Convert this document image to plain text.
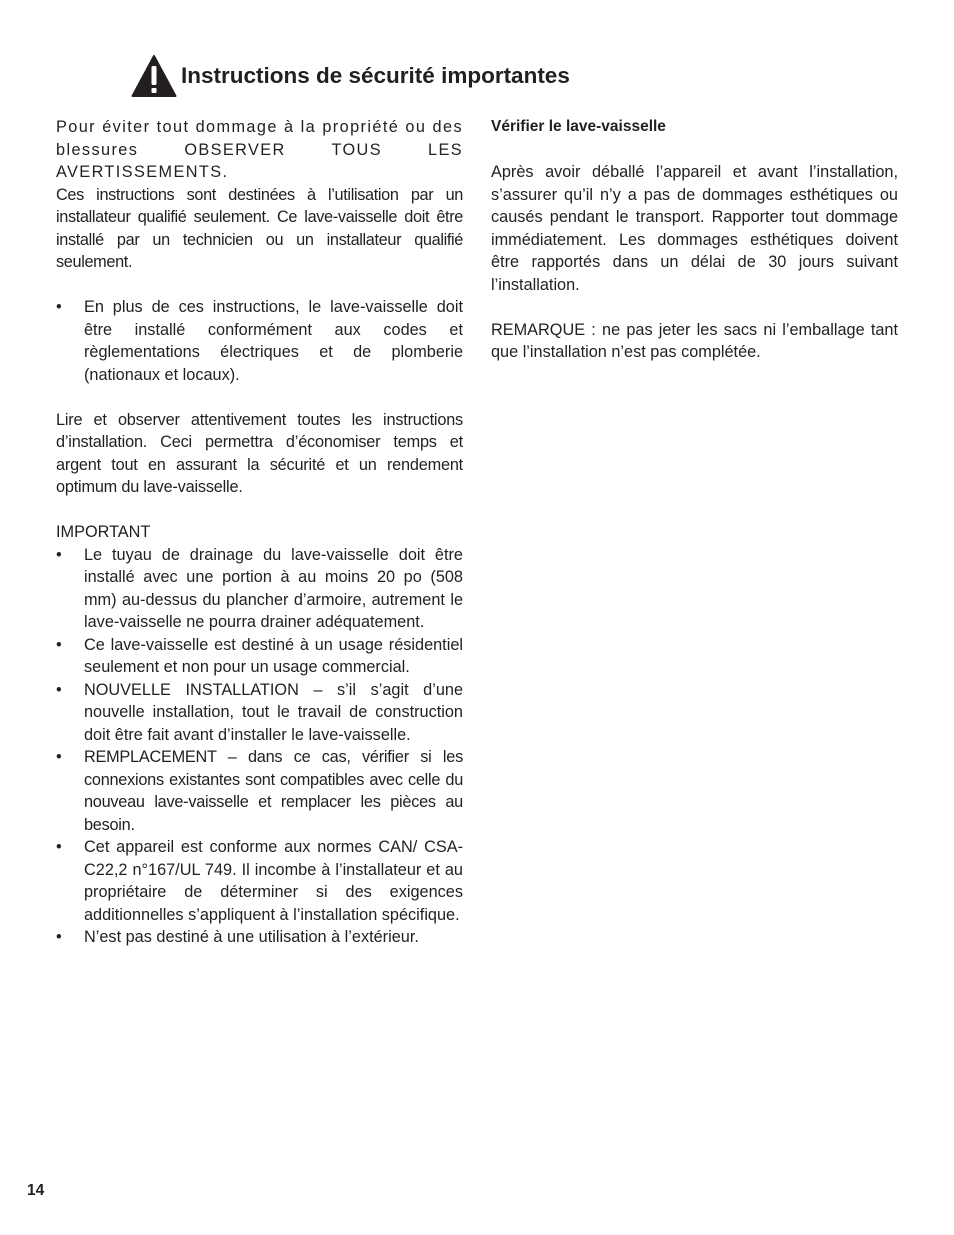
Instructions de sécurité importantes

Pour éviter tout dommage à la propriété ou des blessures OBSERVER TOUS LES AVERTISSEMENTS.

Ces instructions sont destinées à l’utilisation par un installateur qualifié seulement. Ce lave-vaisselle doit être installé par un technicien ou un installateur qualifié seulement.

• En plus de ces instructions, le lave-vaisselle doit être installé conformément aux codes et règlementations électriques et de plomberie (nationaux et locaux).

Lire et observer attentivement toutes les instructions d’installation. Ceci permettra d’économiser temps et argent tout en assurant la sécurité et un rendement optimum du lave-vaisselle.

IMPORTANT

• Le tuyau de drainage du lave-vaisselle doit être installé avec une portion à au moins 20 po (508 mm) au-dessus du plancher d’armoire, autrement le lave-vaisselle ne pourra drainer adéquatement.
• Ce lave-vaisselle est destiné à un usage résidentiel seulement et non pour un usage commercial.
• NOUVELLE INSTALLATION – s’il s’agit d’une nouvelle installation, tout le travail de construction doit être fait avant d’installer le lave-vaisselle.
• REMPLACEMENT – dans ce cas, vérifier si les connexions existantes sont compatibles avec celle du nouveau lave-vaisselle et remplacer les pièces au besoin.
• Cet appareil est conforme aux normes CAN/ CSA-C22,2 n°167/UL 749. Il incombe à l’installateur et au propriétaire de déterminer si des exigences additionnelles s’appliquent à l’installation spécifique.
• N’est pas destiné à une utilisation à l’extérieur.

Vérifier le lave-vaisselle

Après avoir déballé l’appareil et avant l’installation, s’assurer qu’il n’y a pas de dommages esthétiques ou causés pendant le transport. Rapporter tout dommage immédiatement. Les dommages esthétiques doivent être rapportés dans un délai de 30 jours suivant l’installation.

REMARQUE : ne pas jeter les sacs ni l’emballage tant que l’installation n’est pas complétée.

14
